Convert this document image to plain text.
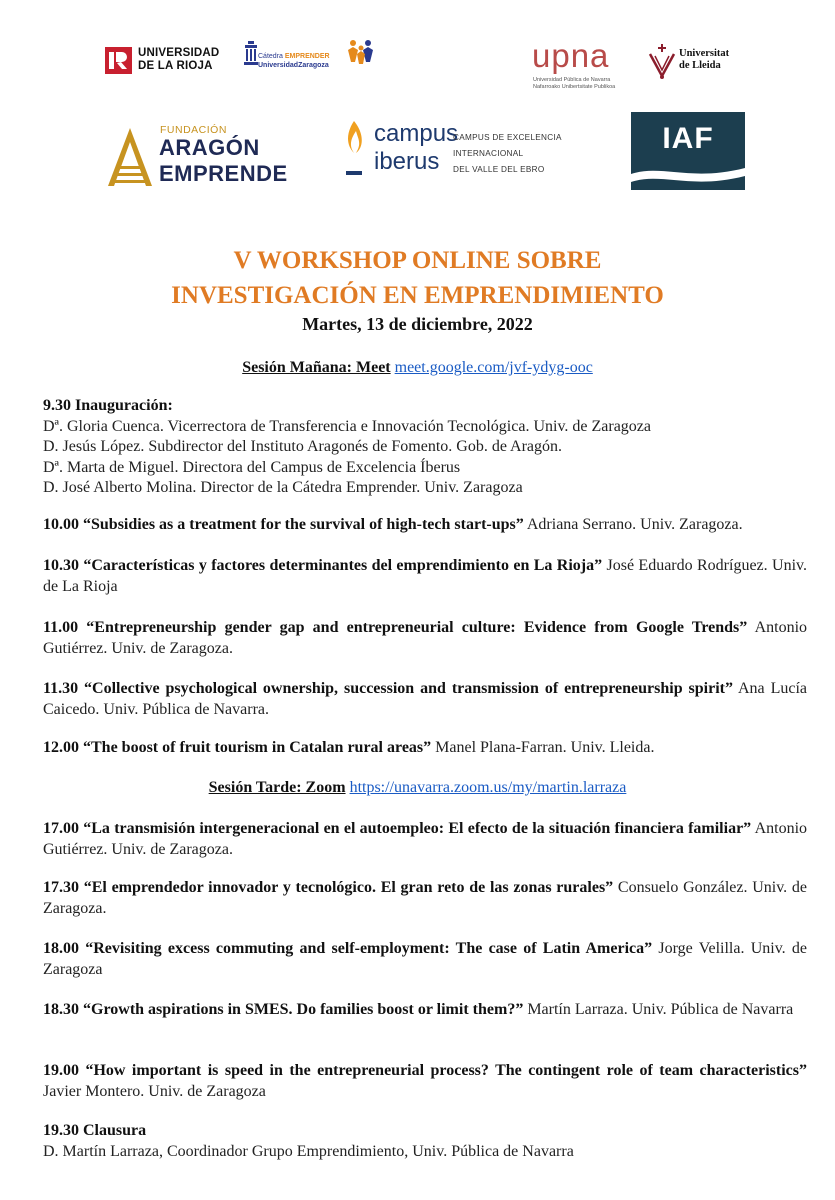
UNIVERSIDAD
DE LA RIOJA
Cátedra EMPRENDER
UniversidadZaragoza	upna
Universidad Pública de Navarra
Nafarroako Unibertsitate Publikoa
Universitat
de Lleida
FUNDACIÓN
ARAGÓN
EMPRENDE
campus
iberus
CAMPUS DE EXCELENCIA
INTERNACIONAL
DEL VALLE DEL EBRO
IAF
V WORKSHOP ONLINE SOBRE
INVESTIGACIÓN EN EMPRENDIMIENTO
Martes, 13 de diciembre, 2022
Sesión Mañana: Meet meet.google.com/jvf-ydyg-ooc
9.30 Inauguración:
Dª. Gloria Cuenca. Vicerrectora de Transferencia e Innovación Tecnológica. Univ. de Zaragoza
D. Jesús López. Subdirector del Instituto Aragonés de Fomento. Gob. de Aragón.
Dª. Marta de Miguel. Directora del Campus de Excelencia Íberus
D. José Alberto Molina. Director de la Cátedra Emprender. Univ. Zaragoza
10.00 “Subsidies as a treatment for the survival of high-tech start-ups” Adriana Serrano. Univ. Zaragoza.
10.30 “Características y factores determinantes del emprendimiento en La Rioja” José Eduardo Rodríguez. Univ. de La Rioja
11.00 “Entrepreneurship gender gap and entrepreneurial culture: Evidence from Google Trends” Antonio Gutiérrez. Univ. de Zaragoza.
11.30 “Collective psychological ownership, succession and transmission of entrepreneurship spirit” Ana Lucía Caicedo. Univ. Pública de Navarra.
12.00 “The boost of fruit tourism in Catalan rural areas” Manel Plana-Farran. Univ. Lleida.
Sesión Tarde: Zoom https://unavarra.zoom.us/my/martin.larraza
17.00 “La transmisión intergeneracional en el autoempleo: El efecto de la situación financiera familiar” Antonio Gutiérrez. Univ. de Zaragoza.
17.30 “El emprendedor innovador y tecnológico. El gran reto de las zonas rurales” Consuelo González. Univ. de Zaragoza.
18.00 “Revisiting excess commuting and self-employment: The case of Latin America” Jorge Velilla. Univ. de Zaragoza
18.30 “Growth aspirations in SMES. Do families boost or limit them?” Martín Larraza. Univ. Pública de Navarra
19.00 “How important is speed in the entrepreneurial process? The contingent role of team characteristics” Javier Montero. Univ. de Zaragoza
19.30 Clausura
D. Martín Larraza, Coordinador Grupo Emprendimiento, Univ. Pública de Navarra
